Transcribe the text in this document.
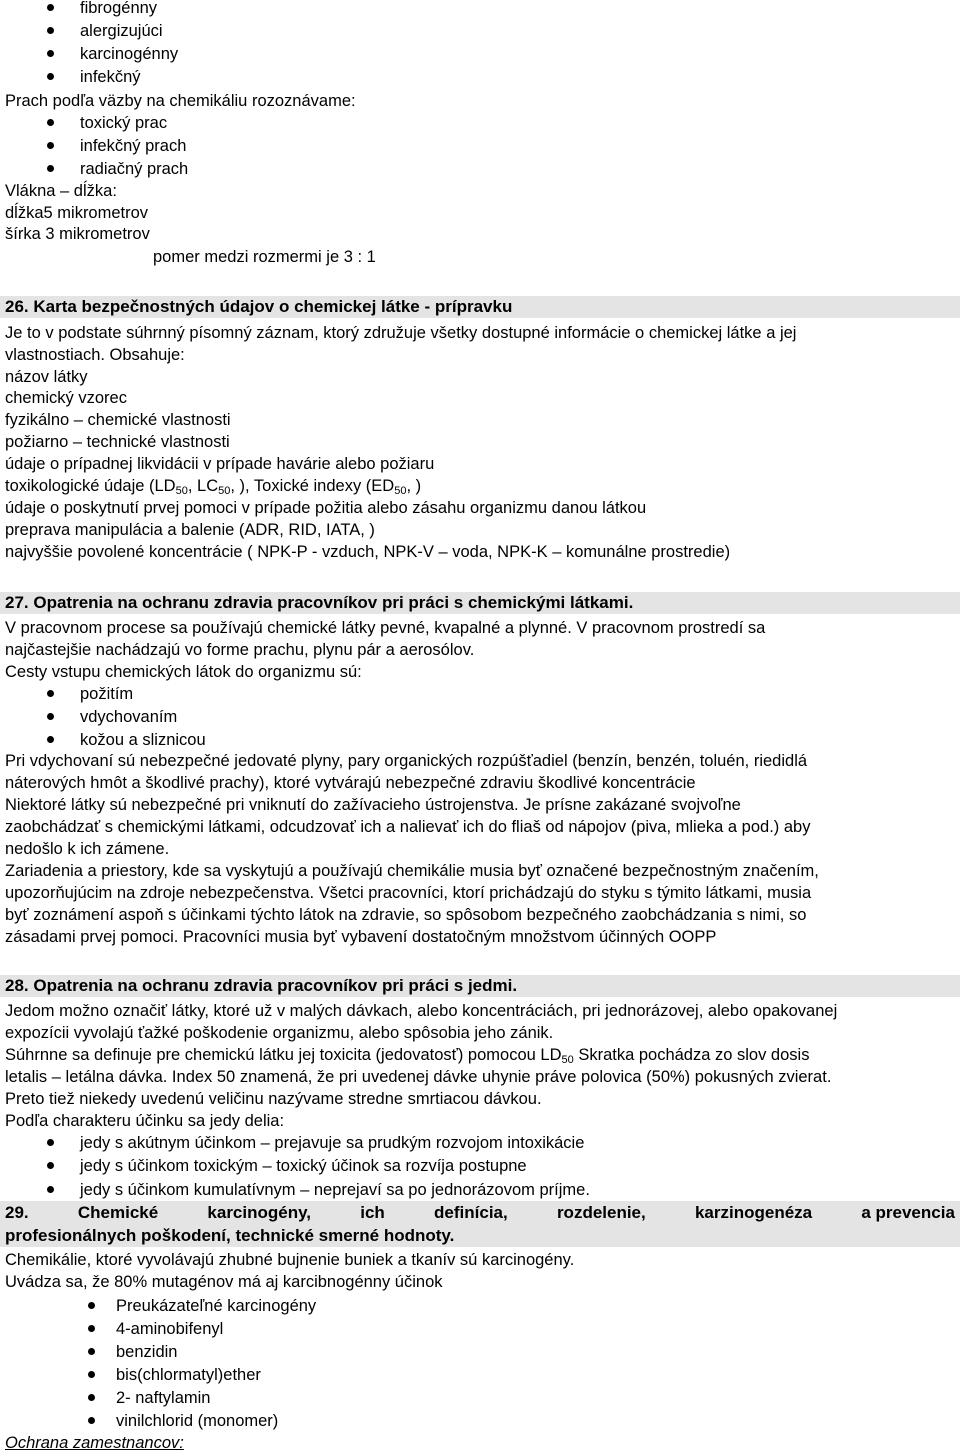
fibrogénny
alergizujúci
karcinogénny
infekčný
Prach podľa väzby na chemikáliu rozoznávame:
toxický prac
infekčný prach
radiačný prach
Vlákna – dĺžka:
dĺžka5 mikrometrov
šírka 3 mikrometrov
pomer medzi rozmermi je 3 : 1
26. Karta bezpečnostných údajov o chemickej látke - prípravku
Je to v podstate súhrnný písomný záznam, ktorý združuje všetky dostupné informácie o chemickej látke a jej
vlastnostiach. Obsahuje:
názov látky
chemický vzorec
fyzikálno – chemické vlastnosti
požiarno – technické vlastnosti
údaje o prípadnej likvidácii v prípade havárie alebo požiaru
toxikologické údaje ($LD_{50}$, $LC_{50}$, ), Toxické indexy ($ED_{50}$, )
údaje o poskytnutí prvej pomoci v prípade požitia alebo zásahu organizmu danou látkou
preprava manipulácia a balenie (ADR, RID, IATA, )
najvyššie povolené koncentrácie ( NPK-P - vzduch, NPK-V – voda, NPK-K – komunálne prostredie)
27. Opatrenia na ochranu zdravia pracovníkov pri práci s chemickými látkami.
V pracovnom procese sa používajú chemické látky pevné, kvapalné a plynné. V pracovnom prostredí sa
najčastejšie nachádzajú vo forme prachu, plynu pár a aerosólov.
Cesty vstupu chemických látok do organizmu sú:
požitím
vdychovaním
kožou a sliznicou
Pri vdychovaní sú nebezpečné jedovaté plyny, pary organických rozpúšťadiel (benzín, benzén, toluén, riedidlá
náterových hmôt a škodlivé prachy), ktoré vytvárajú nebezpečné zdraviu škodlivé koncentrácie
Niektoré látky sú nebezpečné pri vniknutí do zažívacieho ústrojenstva. Je prísne zakázané svojvoľne
zaobchádzať s chemickými látkami, odcudzovať ich a nalievať ich do fliaš od nápojov (piva, mlieka a pod.) aby
nedošlo k ich zámene.
Zariadenia a priestory, kde sa vyskytujú a používajú chemikálie musia byť označené bezpečnostným značením,
upozorňujúcim na zdroje nebezpečenstva. Všetci pracovníci, ktorí prichádzajú do styku s týmito látkami, musia
byť zoznámení aspoň s účinkami týchto látok na zdravie, so spôsobom bezpečného zaobchádzania s nimi, so
zásadami prvej pomoci. Pracovníci musia byť vybavení dostatočným množstvom účinných OOPP
28. Opatrenia na ochranu zdravia pracovníkov pri práci s jedmi.
Jedom možno označiť látky, ktoré už v malých dávkach, alebo koncentráciách, pri jednorázovej, alebo opakovanej
expozícii vyvolajú ťažké poškodenie organizmu, alebo spôsobia jeho zánik.
Súhrnne sa definuje pre chemickú látku jej toxicita (jedovatosť) pomocou $LD_{50}$ Skratka pochádza zo slov dosis
letalis – letálna dávka. Index 50 znamená, že pri uvedenej dávke uhynie práve polovica (50%) pokusných zvierat.
Preto tiež niekedy uvedenú veličinu nazývame stredne smrtiacou dávkou.
Podľa charakteru účinku sa jedy delia:
jedy s akútnym účinkom – prejavuje sa prudkým rozvojom intoxikácie
jedy s účinkom toxickým – toxický účinok sa rozvíja postupne
jedy s účinkom kumulatívnym – neprejaví sa po jednorázovom príjme.
29.	Chemické	karcinogény,	ich	definícia,	rozdelenie,	karzinogenéza	a prevencia
profesionálnych poškodení, technické smerné hodnoty.
Chemikálie, ktoré vyvolávajú zhubné bujnenie buniek a tkanív sú karcinogény.
Uvádza sa, že 80% mutagénov má aj karcibnogénny účinok
Preukázateľné karcinogény
4-aminobifenyl
benzidin
bis(chlormatyl)ether
2- naftylamin
vinilchlorid (monomer)
Ochrana zamestnancov:
